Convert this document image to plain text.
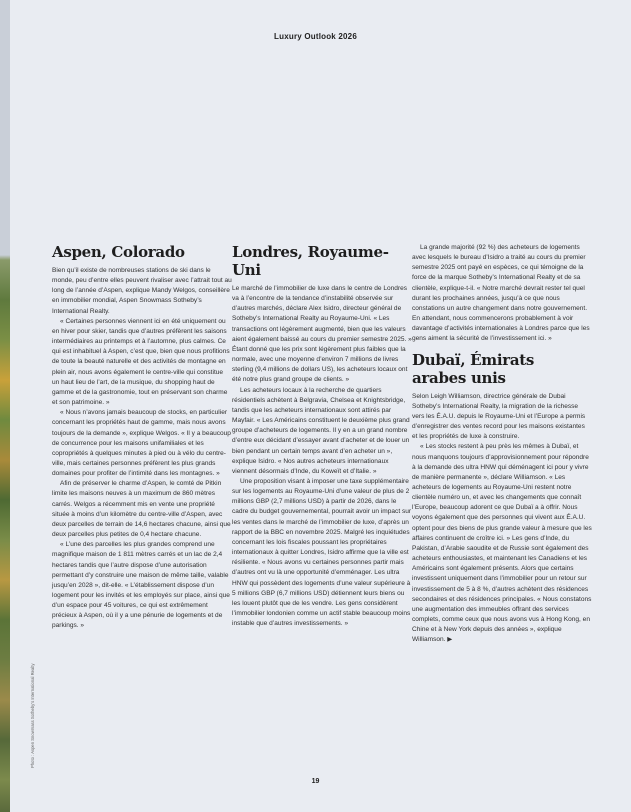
Luxury Outlook 2026
Photo : Aspen Snowmass Sotheby’s International Realty
Aspen, Colorado

Bien qu’il existe de nombreuses stations de ski dans le monde, peu d’entre elles peuvent rivaliser avec l’attrait tout au long de l’année d’Aspen, explique Mandy Welgos, conseillère en immobilier mondial, Aspen Snowmass Sotheby’s International Realty.

« Certaines personnes viennent ici en été uniquement ou en hiver pour skier, tandis que d’autres préfèrent les saisons intermédiaires au printemps et à l’automne, plus calmes. Ce qui est inhabituel à Aspen, c’est que, bien que nous profitions de toute la beauté naturelle et des activités de montagne en plein air, nous avons également le centre-ville qui constitue un haut lieu de l’art, de la musique, du shopping haut de gamme et de la gastronomie, tout en préservant son charme et son patrimoine. »

« Nous n’avons jamais beaucoup de stocks, en particulier concernant les propriétés haut de gamme, mais nous avons toujours de la demande », explique Welgos. « Il y a beaucoup de concurrence pour les maisons unifamiliales et les copropriétés à quelques minutes à pied ou à vélo du centre-ville, mais certaines personnes préfèrent les plus grands domaines pour profiter de l’intimité dans les montagnes. »

Afin de préserver le charme d’Aspen, le comté de Pitkin limite les maisons neuves à un maximum de 860 mètres carrés. Welgos a récemment mis en vente une propriété située à moins d’un kilomètre du centre-ville d’Aspen, avec deux parcelles de terrain de 14,6 hectares chacune, ainsi que deux parcelles plus petites de 0,4 hectare chacune.

« L’une des parcelles les plus grandes comprend une magnifique maison de 1 811 mètres carrés et un lac de 2,4 hectares tandis que l’autre dispose d’une autorisation permettant d’y construire une maison de même taille, valable jusqu’en 2028 », dit-elle. « L’établissement dispose d’un logement pour les invités et les employés sur place, ainsi que d’un espace pour 45 voitures, ce qui est extrêmement précieux à Aspen, où il y a une pénurie de logements et de parkings. »

Londres, Royaume-Uni

Le marché de l’immobilier de luxe dans le centre de Londres va à l’encontre de la tendance d’instabilité observée sur d’autres marchés, déclare Alex Isidro, directeur général de Sotheby’s International Realty au Royaume-Uni. « Les transactions ont légèrement augmenté, bien que les valeurs aient également baissé au cours du premier semestre 2025. » Étant donné que les prix sont légèrement plus faibles que la normale, avec une moyenne d’environ 7 millions de livres sterling (9,4 millions de dollars US), les acheteurs locaux ont été notre plus grand groupe de clients. »

Les acheteurs locaux à la recherche de quartiers résidentiels achètent à Belgravia, Chelsea et Knightsbridge, tandis que les acheteurs internationaux sont attirés par Mayfair. « Les Américains constituent le deuxième plus grand groupe d’acheteurs de logements. Il y en a un grand nombre d’entre eux décidant d’essayer avant d’acheter et de louer un bien pendant un certain temps avant d’en acheter un », explique Isidro. « Nos autres acheteurs internationaux viennent désormais d’Inde, du Koweït et d’Italie. »

Une proposition visant à imposer une taxe supplémentaire sur les logements au Royaume-Uni d’une valeur de plus de 2 millions GBP (2,7 millions USD) à partir de 2026, dans le cadre du budget gouvernemental, pourrait avoir un impact sur les ventes dans le marché de l’immobilier de luxe, d’après un rapport de la BBC en novembre 2025. Malgré les inquiétudes concernant les lois fiscales poussant les propriétaires internationaux à quitter Londres, Isidro affirme que la ville est résiliente. « Nous avons vu certaines personnes partir mais d’autres ont vu là une opportunité d’emménager. Les ultra HNW qui possèdent des logements d’une valeur supérieure à 5 millions GBP (6,7 millions USD) détiennent leurs biens ou les louent plutôt que de les vendre. Les gens considèrent l’immobilier londonien comme un actif stable beaucoup moins instable que d’autres investissements. »

La grande majorité (92 %) des acheteurs de logements avec lesquels le bureau d’Isidro a traité au cours du premier semestre 2025 ont payé en espèces, ce qui témoigne de la force de la marque Sotheby’s International Realty et de sa clientèle, explique-t-il. « Notre marché devrait rester tel quel durant les prochaines années, jusqu’à ce que nous constations un autre changement dans notre gouvernement. En attendant, nous commencerons probablement à voir davantage d’activités internationales à Londres parce que les gens aiment la sécurité de l’investissement ici. »

Dubaï, Émirats arabes unis

Selon Leigh Williamson, directrice générale de Dubai Sotheby’s International Realty, la migration de la richesse vers les É.A.U. depuis le Royaume-Uni et l’Europe a permis d’enregistrer des ventes record pour les maisons existantes et les propriétés de luxe à construire.

« Les stocks restent à peu près les mêmes à Dubaï, et nous manquons toujours d’approvisionnement pour répondre à la demande des ultra HNW qui déménagent ici pour y vivre de manière permanente », déclare Williamson. « Les acheteurs de logements au Royaume-Uni restent notre clientèle numéro un, et avec les changements que connaît l’Europe, beaucoup adorent ce que Dubaï a à offrir. Nous voyons également que des personnes qui vivent aux É.A.U. optent pour des biens de plus grande valeur à mesure que les affaires continuent de croître ici. » Les gens d’Inde, du Pakistan, d’Arabie saoudite et de Russie sont également des acheteurs enthousiastes, et maintenant les Canadiens et les Américains sont également présents. Alors que certains investissent uniquement dans l’immobilier pour un retour sur investissement de 5 à 8 %, d’autres achètent des résidences secondaires et des résidences principales. « Nous constatons une augmentation des immeubles offrant des services complets, comme ceux que nous avons vus à Hong Kong, en Chine et à New York depuis des années », explique Williamson. ▶

19
